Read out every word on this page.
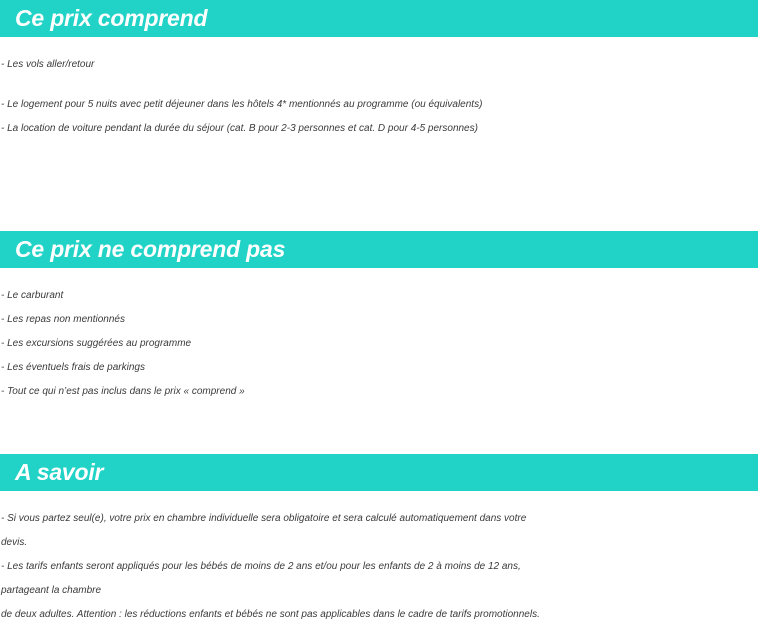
Ce prix comprend
- Les vols aller/retour
- Le logement pour 5 nuits avec petit déjeuner dans les hôtels 4* mentionnés au programme (ou équivalents)
- La location de voiture pendant la durée du séjour (cat. B pour 2-3 personnes et cat. D pour 4-5 personnes)
Ce prix ne comprend pas
- Le carburant
- Les repas non mentionnés
- Les excursions suggérées au programme
- Les éventuels frais de parkings
- Tout ce qui n’est pas inclus dans le prix « comprend »
A savoir
- Si vous partez seul(e), votre prix en chambre individuelle sera obligatoire et sera calculé automatiquement dans votre
devis.
- Les tarifs enfants seront appliqués pour les bébés de moins de 2 ans et/ou pour les enfants de 2 à moins de 12 ans,
partageant la chambre
de deux adultes. Attention : les réductions enfants et bébés ne sont pas applicables dans le cadre de tarifs promotionnels.
